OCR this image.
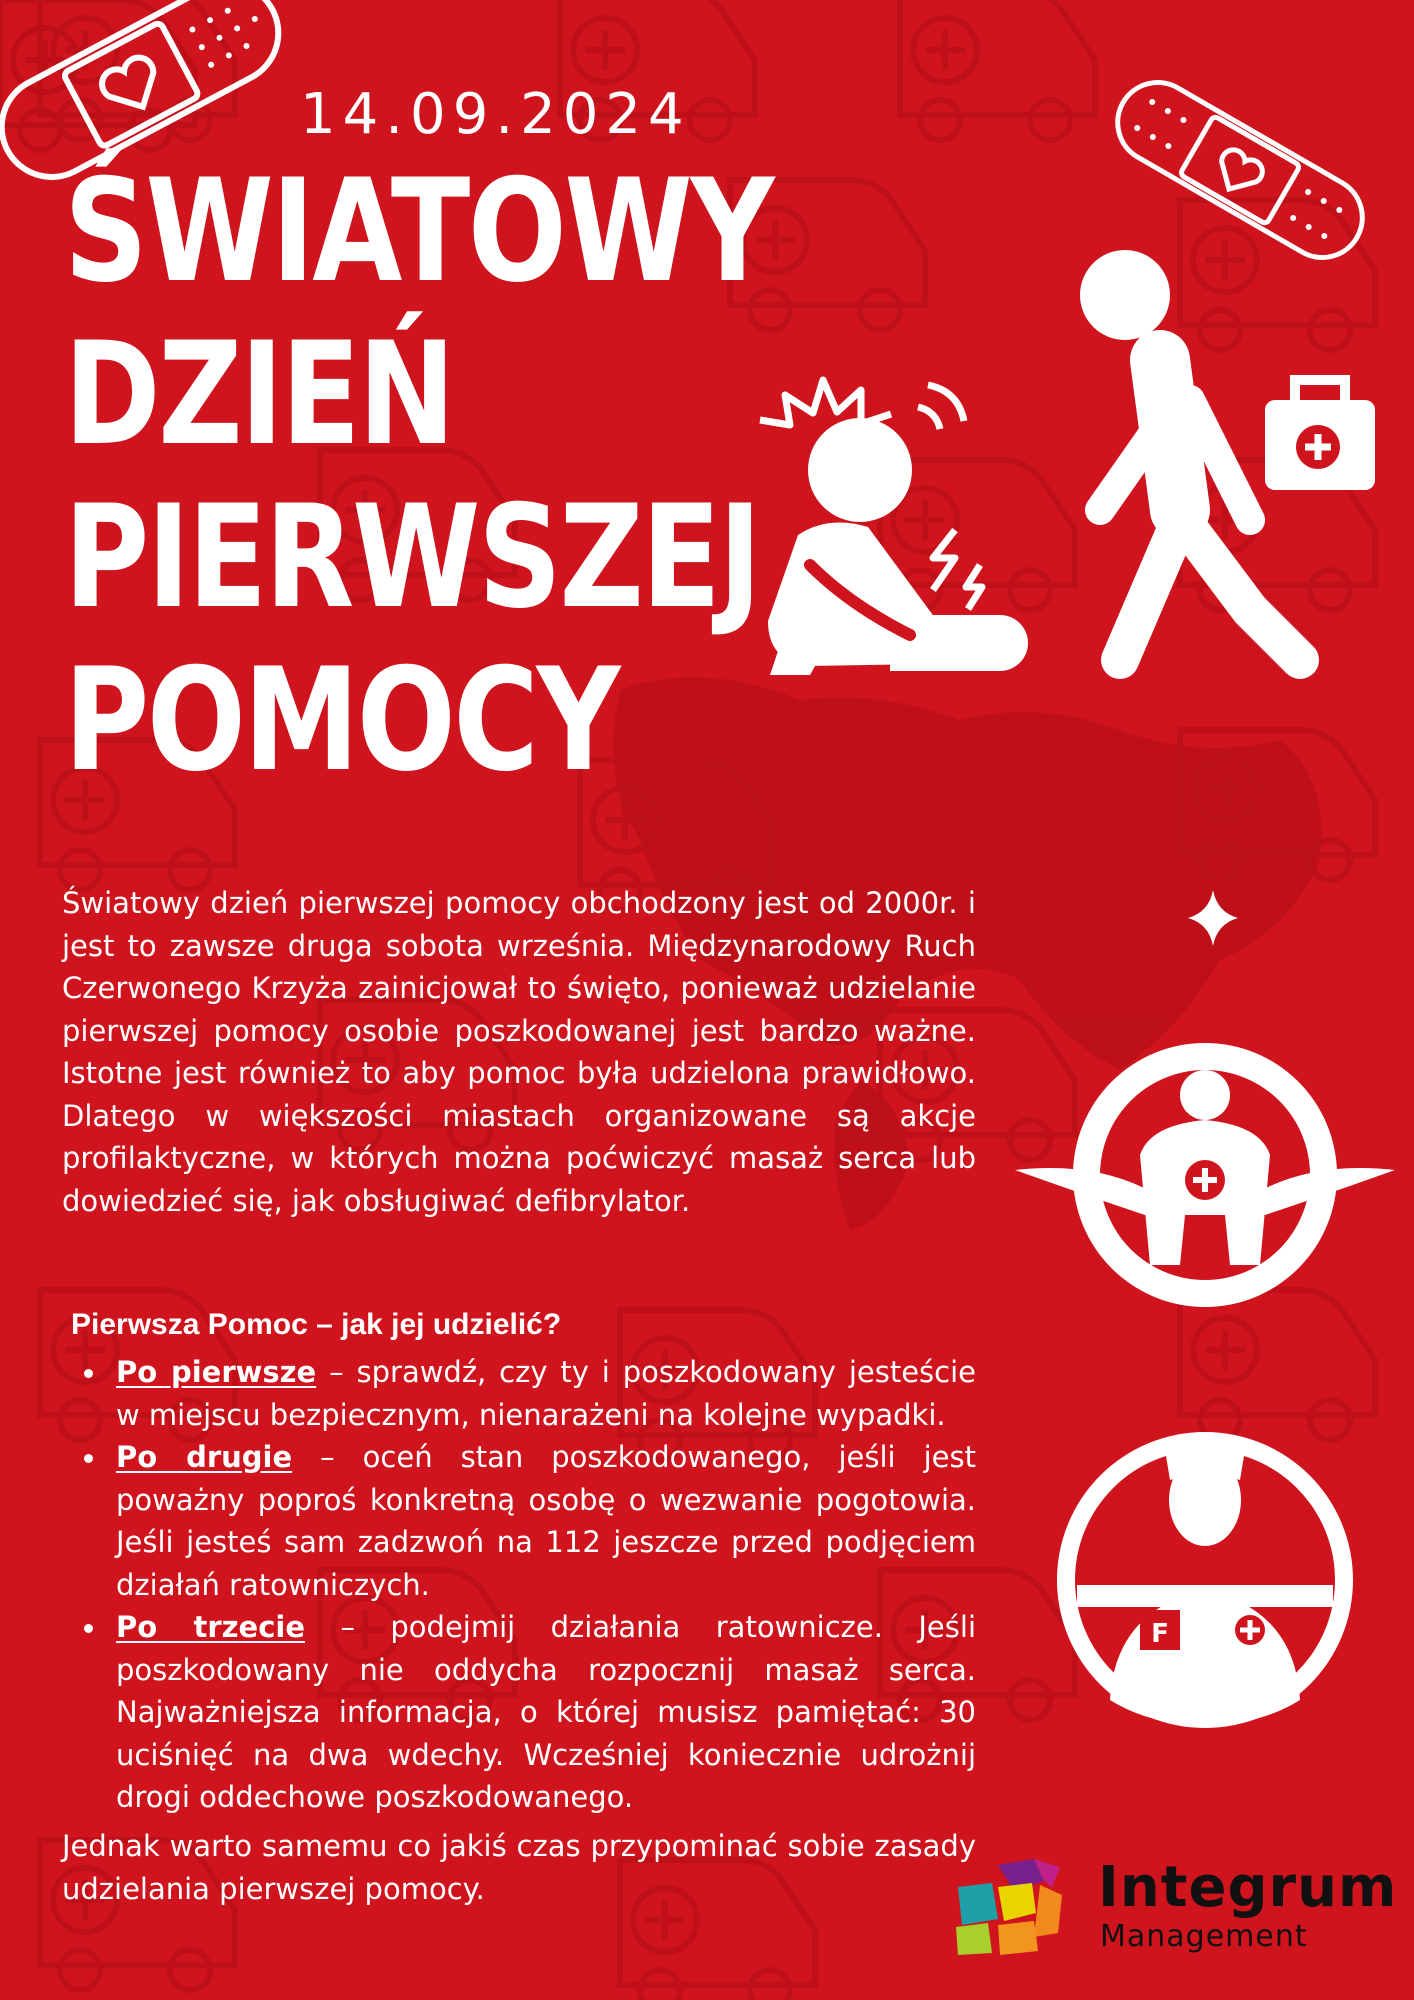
14.09.2024
ŚWIATOWY
DZIEŃ
PIERWSZEJ
POMOCY
F

Światowy dzień pierwszej pomocy obchodzony jest od 2000r. i jest to zawsze druga sobota września. Międzynarodowy Ruch Czerwonego Krzyża zainicjował to święto, ponieważ udzielanie pierwszej pomocy osobie poszkodowanej jest bardzo ważne. Istotne jest również to aby pomoc była udzielona prawidłowo. Dlatego w większości miastach organizowane są akcje profilaktyczne, w których można poćwiczyć masaż serca lub dowiedzieć się, jak obsługiwać defibrylator.

Pierwsza Pomoc – jak jej udzielić?
Po pierwsze – sprawdź, czy ty i poszkodowany jesteście w miejscu bezpiecznym, nienarażeni na kolejne wypadki.
Po drugie – oceń stan poszkodowanego, jeśli jest poważny poproś konkretną osobę o wezwanie pogotowia. Jeśli jesteś sam zadzwoń na 112 jeszcze przed podjęciem działań ratowniczych.
Po trzecie – podejmij działania ratownicze. Jeśli poszkodowany nie oddycha rozpocznij masaż serca. Najważniejsza informacja, o której musisz pamiętać: 30 uciśnięć na dwa wdechy. Wcześniej koniecznie udrożnij drogi oddechowe poszkodowanego.

Jednak warto samemu co jakiś czas przypominać sobie zasady udzielania pierwszej pomocy.	Integrum
Management
